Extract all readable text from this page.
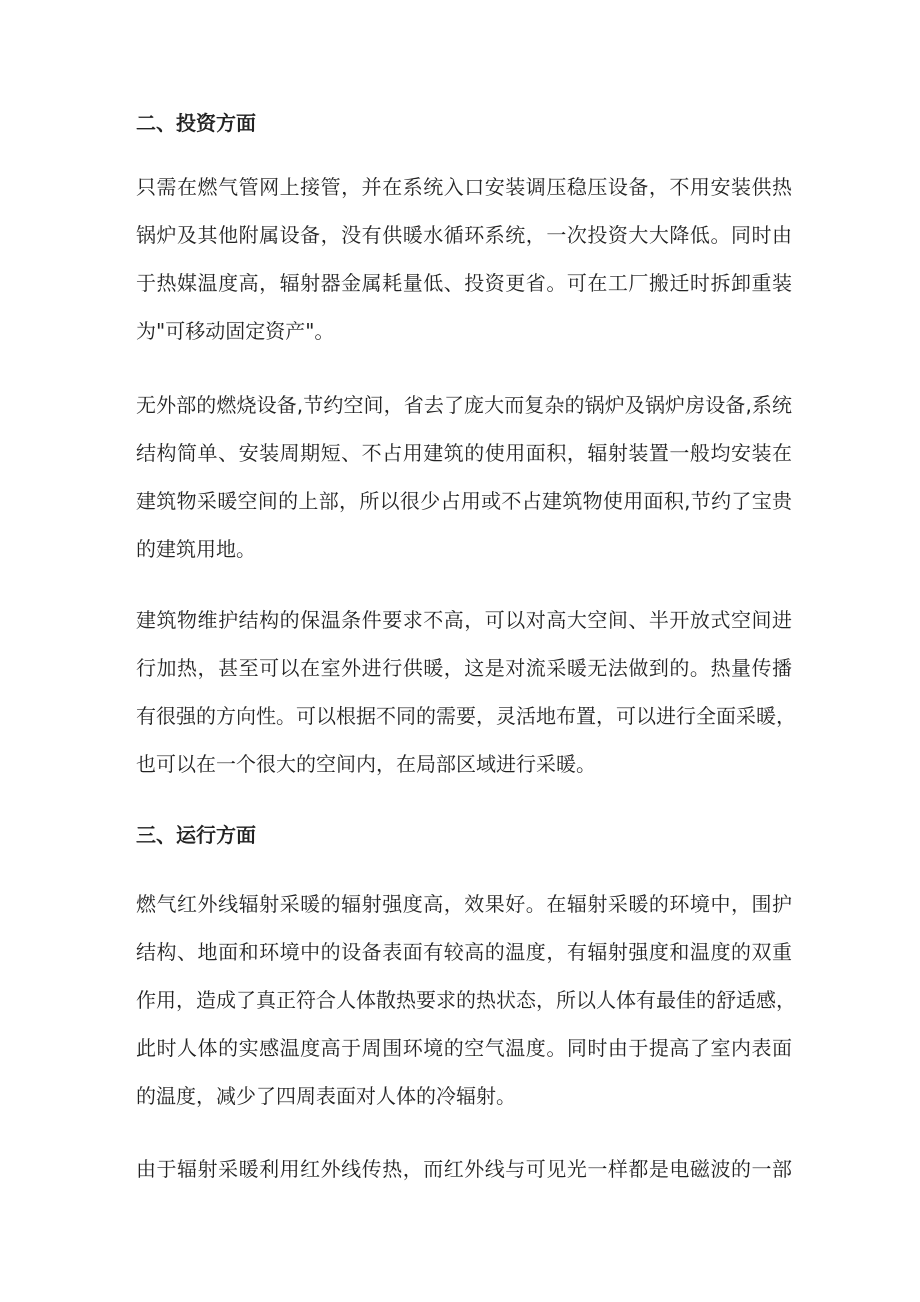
二、投资方面
只需在燃气管网上接管，并在系统入口安装调压稳压设备，不用安装供热
锅炉及其他附属设备，没有供暖水循环系统，一次投资大大降低。同时由
于热媒温度高，辐射器金属耗量低、投资更省。可在工厂搬迁时拆卸重装
为"可移动固定资产"。
无外部的燃烧设备,节约空间，省去了庞大而复杂的锅炉及锅炉房设备,系统
结构简单、安装周期短、不占用建筑的使用面积，辐射装置一般均安装在
建筑物采暖空间的上部，所以很少占用或不占建筑物使用面积,节约了宝贵
的建筑用地。
建筑物维护结构的保温条件要求不高，可以对高大空间、半开放式空间进
行加热，甚至可以在室外进行供暖，这是对流采暖无法做到的。热量传播
有很强的方向性。可以根据不同的需要，灵活地布置，可以进行全面采暖，
也可以在一个很大的空间内，在局部区域进行采暖。
三、运行方面
燃气红外线辐射采暖的辐射强度高，效果好。在辐射采暖的环境中，围护
结构、地面和环境中的设备表面有较高的温度，有辐射强度和温度的双重
作用，造成了真正符合人体散热要求的热状态，所以人体有最佳的舒适感，
此时人体的实感温度高于周围环境的空气温度。同时由于提高了室内表面
的温度，减少了四周表面对人体的冷辐射。
由于辐射采暖利用红外线传热，而红外线与可见光一样都是电磁波的一部
